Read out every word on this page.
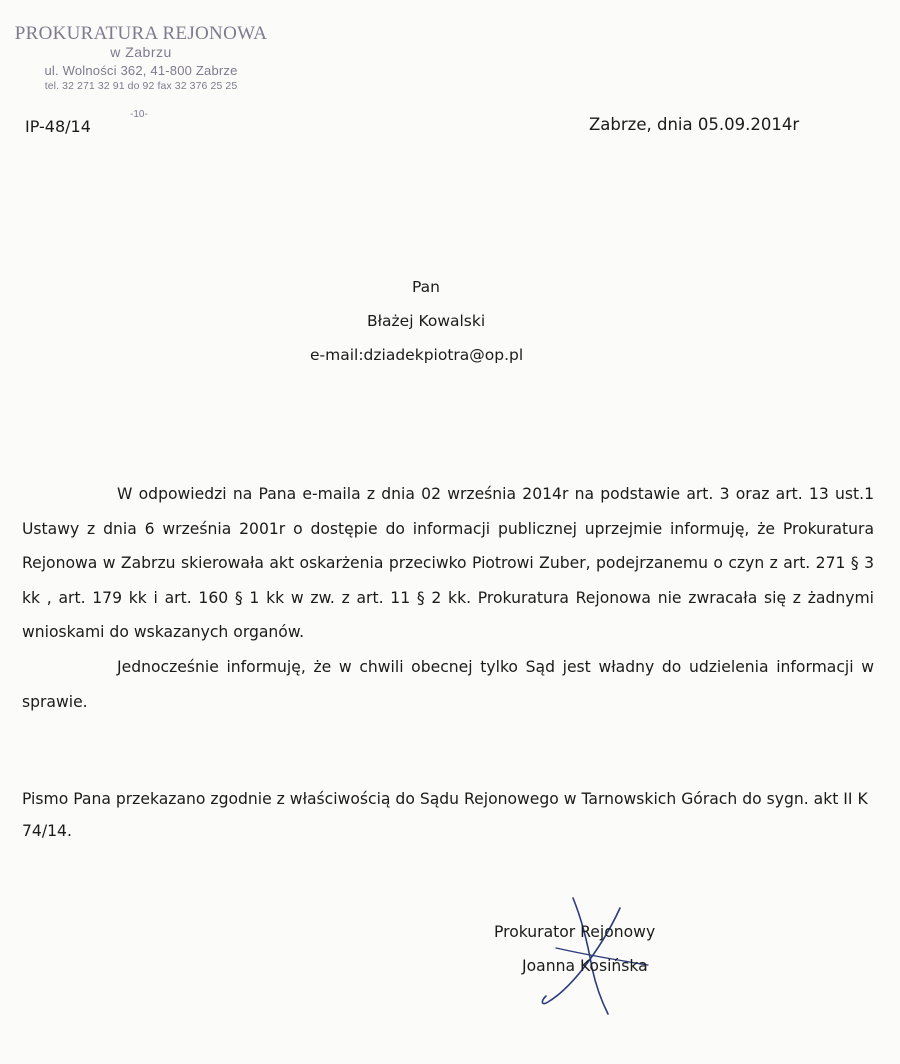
PROKURATURA REJONOWA
w Zabrzu
ul. Wolności 362, 41-800 Zabrze
tel. 32 271 32 91 do 92 fax 32 376 25 25
-10-
IP-48/14	Zabrze, dnia 05.09.2014r
Pan
Błażej Kowalski
e-mail:dziadekpiotra@op.pl

W odpowiedzi na Pana e-maila z dnia 02 września 2014r na podstawie art. 3 oraz art. 13 ust.1 Ustawy z dnia 6 września 2001r o dostępie do informacji publicznej uprzejmie informuję, że Prokuratura Rejonowa w Zabrzu skierowała akt oskarżenia przeciwko Piotrowi Zuber, podejrzanemu o czyn z art. 271 § 3 kk , art. 179 kk i art. 160 § 1 kk w zw. z art. 11 § 2 kk. Prokuratura Rejonowa nie zwracała się z żadnymi wnioskami do wskazanych organów.

Jednocześnie informuję, że w chwili obecnej tylko Sąd jest władny do udzielenia informacji w sprawie.

Pismo Pana przekazano zgodnie z właściwością do Sądu Rejonowego w Tarnowskich Górach do sygn. akt II K 74/14.

Prokurator Rejonowy
Joanna Kosińska
